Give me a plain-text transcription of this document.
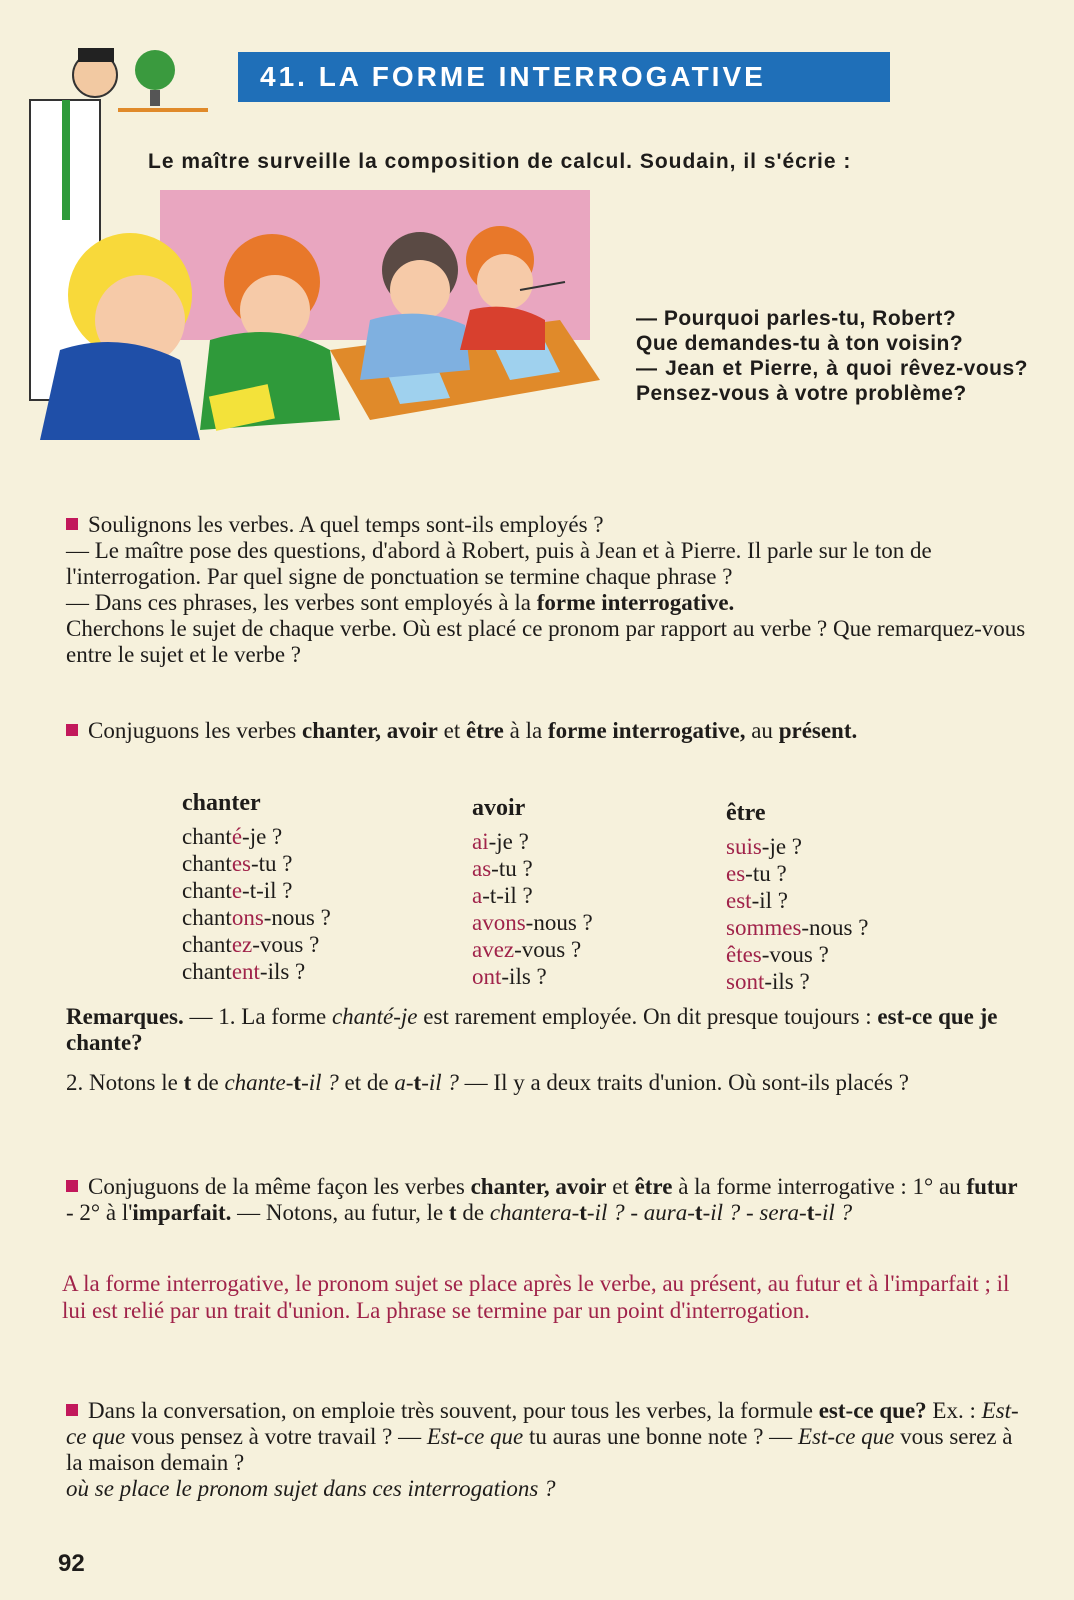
41. LA FORME INTERROGATIVE
Le maître surveille la composition de calcul. Soudain, il s'écrie :

— Pourquoi parles-tu, Robert?

Que demandes-tu à ton voisin?

— Jean et Pierre, à quoi rêvez-vous? Pensez-vous à votre problème?

Soulignons les verbes. A quel temps sont-ils employés ?

— Le maître pose des questions, d'abord à Robert, puis à Jean et à Pierre. Il parle sur le ton de l'interrogation. Par quel signe de ponctuation se termine chaque phrase ?

— Dans ces phrases, les verbes sont employés à la forme interrogative.

Cherchons le sujet de chaque verbe. Où est placé ce pronom par rapport au verbe ? Que remarquez-vous entre le sujet et le verbe ?

Conjuguons les verbes chanter, avoir et être à la forme interrogative, au présent.

chanter
chanté-je ?
chantes-tu ?
chante-t-il ?
chantons-nous ?
chantez-vous ?
chantent-ils ?
avoir
ai-je ?
as-tu ?
a-t-il ?
avons-nous ?
avez-vous ?
ont-ils ?
être
suis-je ?
es-tu ?
est-il ?
sommes-nous ?
êtes-vous ?
sont-ils ?

Remarques. — 1. La forme chanté-je est rarement employée. On dit presque toujours : est-ce que je chante?

2. Notons le t de chante-t-il ? et de a-t-il ? — Il y a deux traits d'union. Où sont-ils placés ?

Conjuguons de la même façon les verbes chanter, avoir et être à la forme interrogative : 1° au futur - 2° à l'imparfait. — Notons, au futur, le t de chantera-t-il ? - aura-t-il ? - sera-t-il ?

A la forme interrogative, le pronom sujet se place après le verbe, au présent, au futur et à l'imparfait ; il lui est relié par un trait d'union. La phrase se termine par un point d'interrogation.

Dans la conversation, on emploie très souvent, pour tous les verbes, la formule est-ce que? Ex. : Est-ce que vous pensez à votre travail ? — Est-ce que tu auras une bonne note ? — Est-ce que vous serez à la maison demain ?

où se place le pronom sujet dans ces interrogations ?

92
